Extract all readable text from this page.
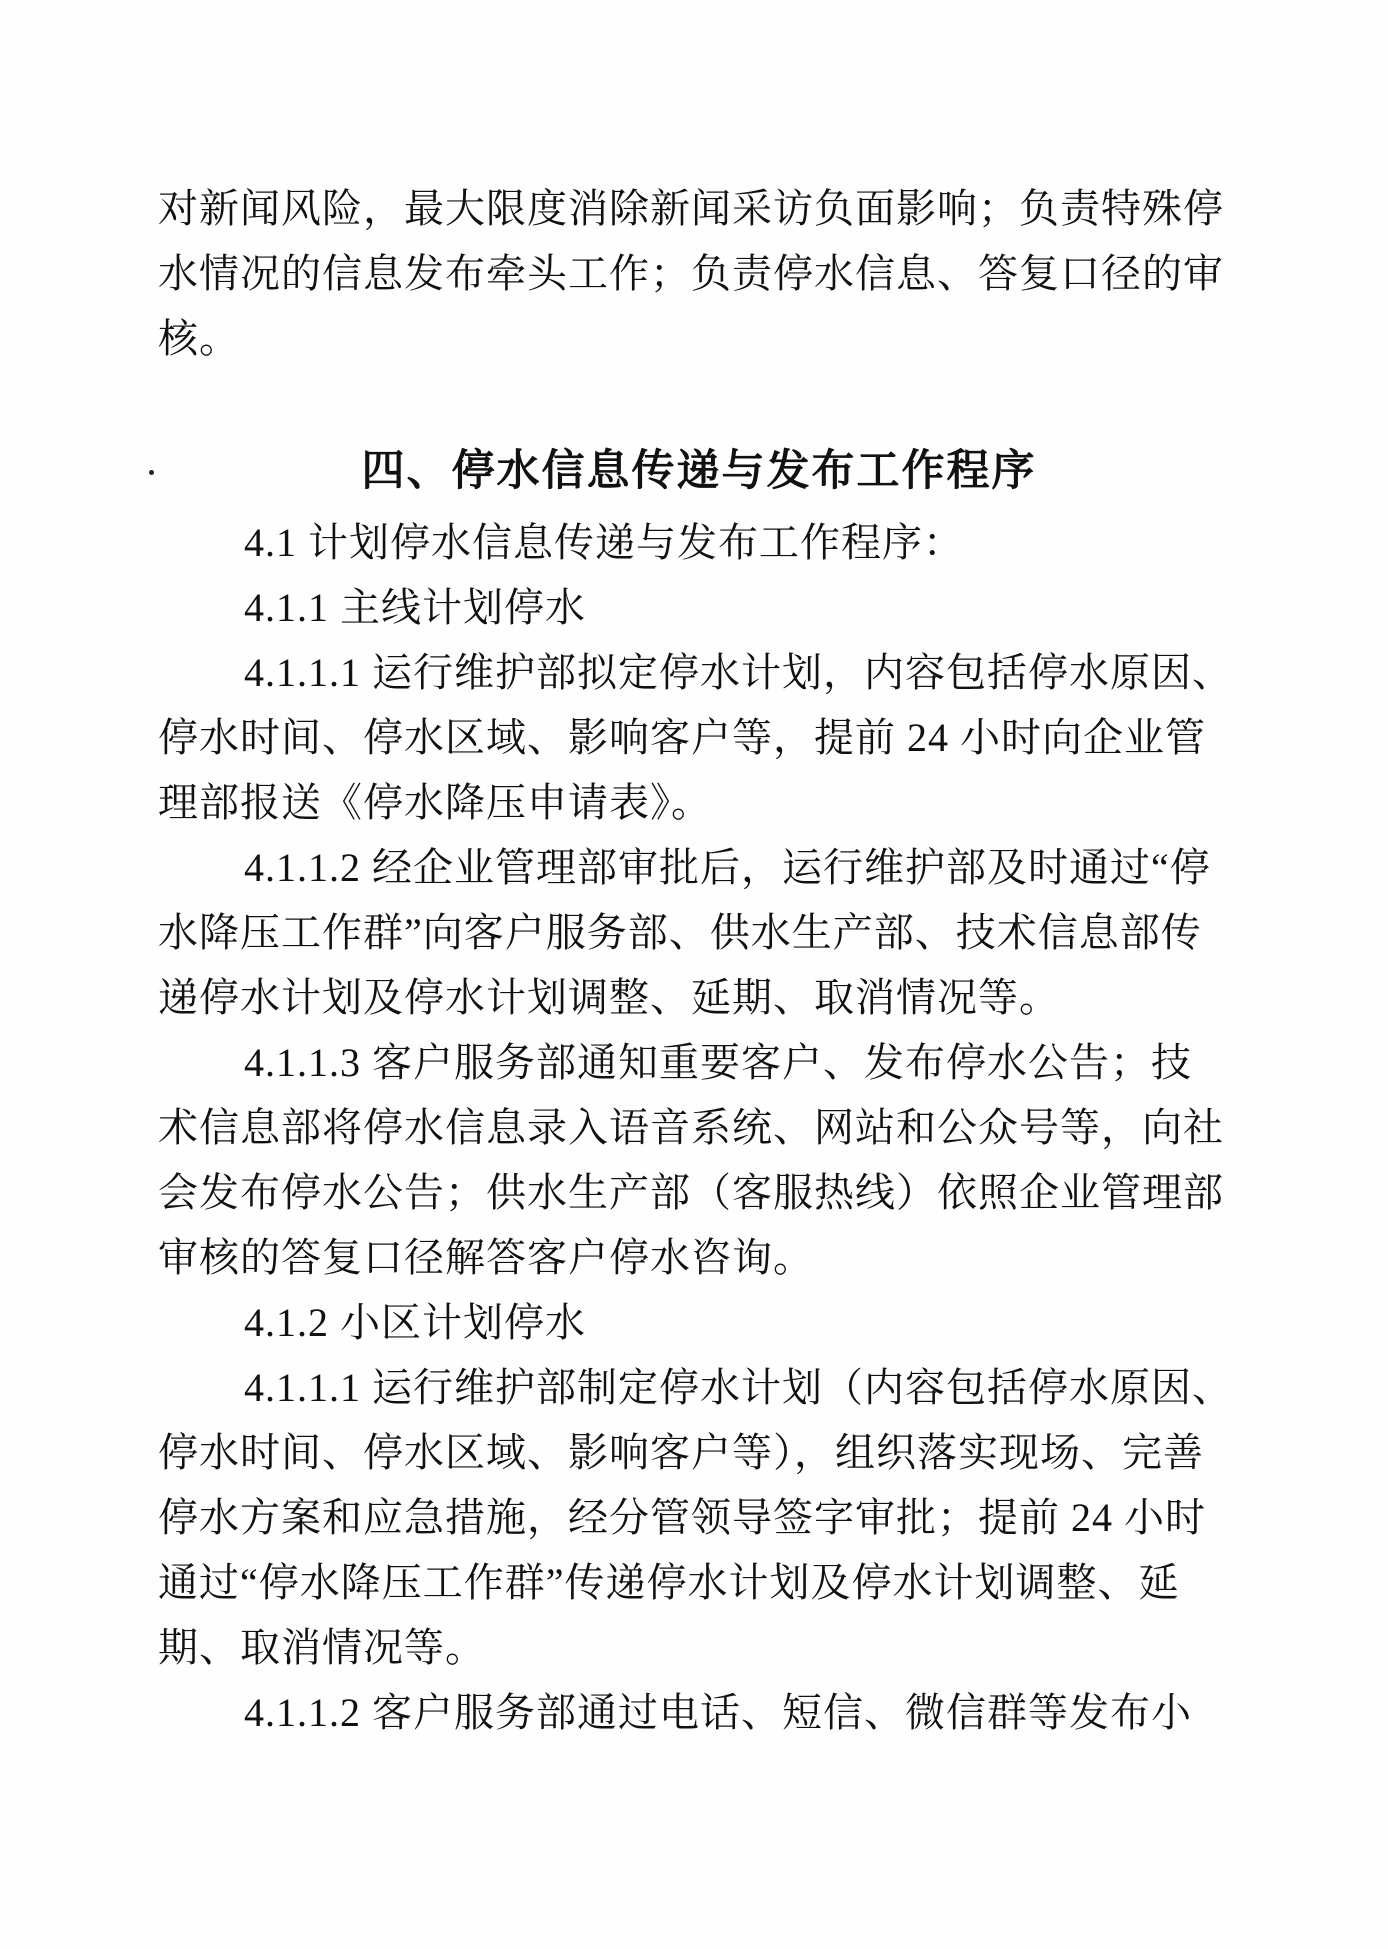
对新闻风险，最大限度消除新闻采访负面影响；负责特殊停
水情况的信息发布牵头工作；负责停水信息、答复口径的审
核。
四、停水信息传递与发布工作程序
4.1 计划停水信息传递与发布工作程序：
4.1.1 主线计划停水
4.1.1.1 运行维护部拟定停水计划，内容包括停水原因、
停水时间、停水区域、影响客户等，提前 24 小时向企业管
理部报送《停水降压申请表》。
4.1.1.2 经企业管理部审批后，运行维护部及时通过“停
水降压工作群”向客户服务部、供水生产部、技术信息部传
递停水计划及停水计划调整、延期、取消情况等。
4.1.1.3 客户服务部通知重要客户、发布停水公告；技
术信息部将停水信息录入语音系统、网站和公众号等，向社
会发布停水公告；供水生产部（客服热线）依照企业管理部
审核的答复口径解答客户停水咨询。
4.1.2 小区计划停水
4.1.1.1 运行维护部制定停水计划（内容包括停水原因、
停水时间、停水区域、影响客户等），组织落实现场、完善
停水方案和应急措施，经分管领导签字审批；提前 24 小时
通过“停水降压工作群”传递停水计划及停水计划调整、延
期、取消情况等。
4.1.1.2 客户服务部通过电话、短信、微信群等发布小
